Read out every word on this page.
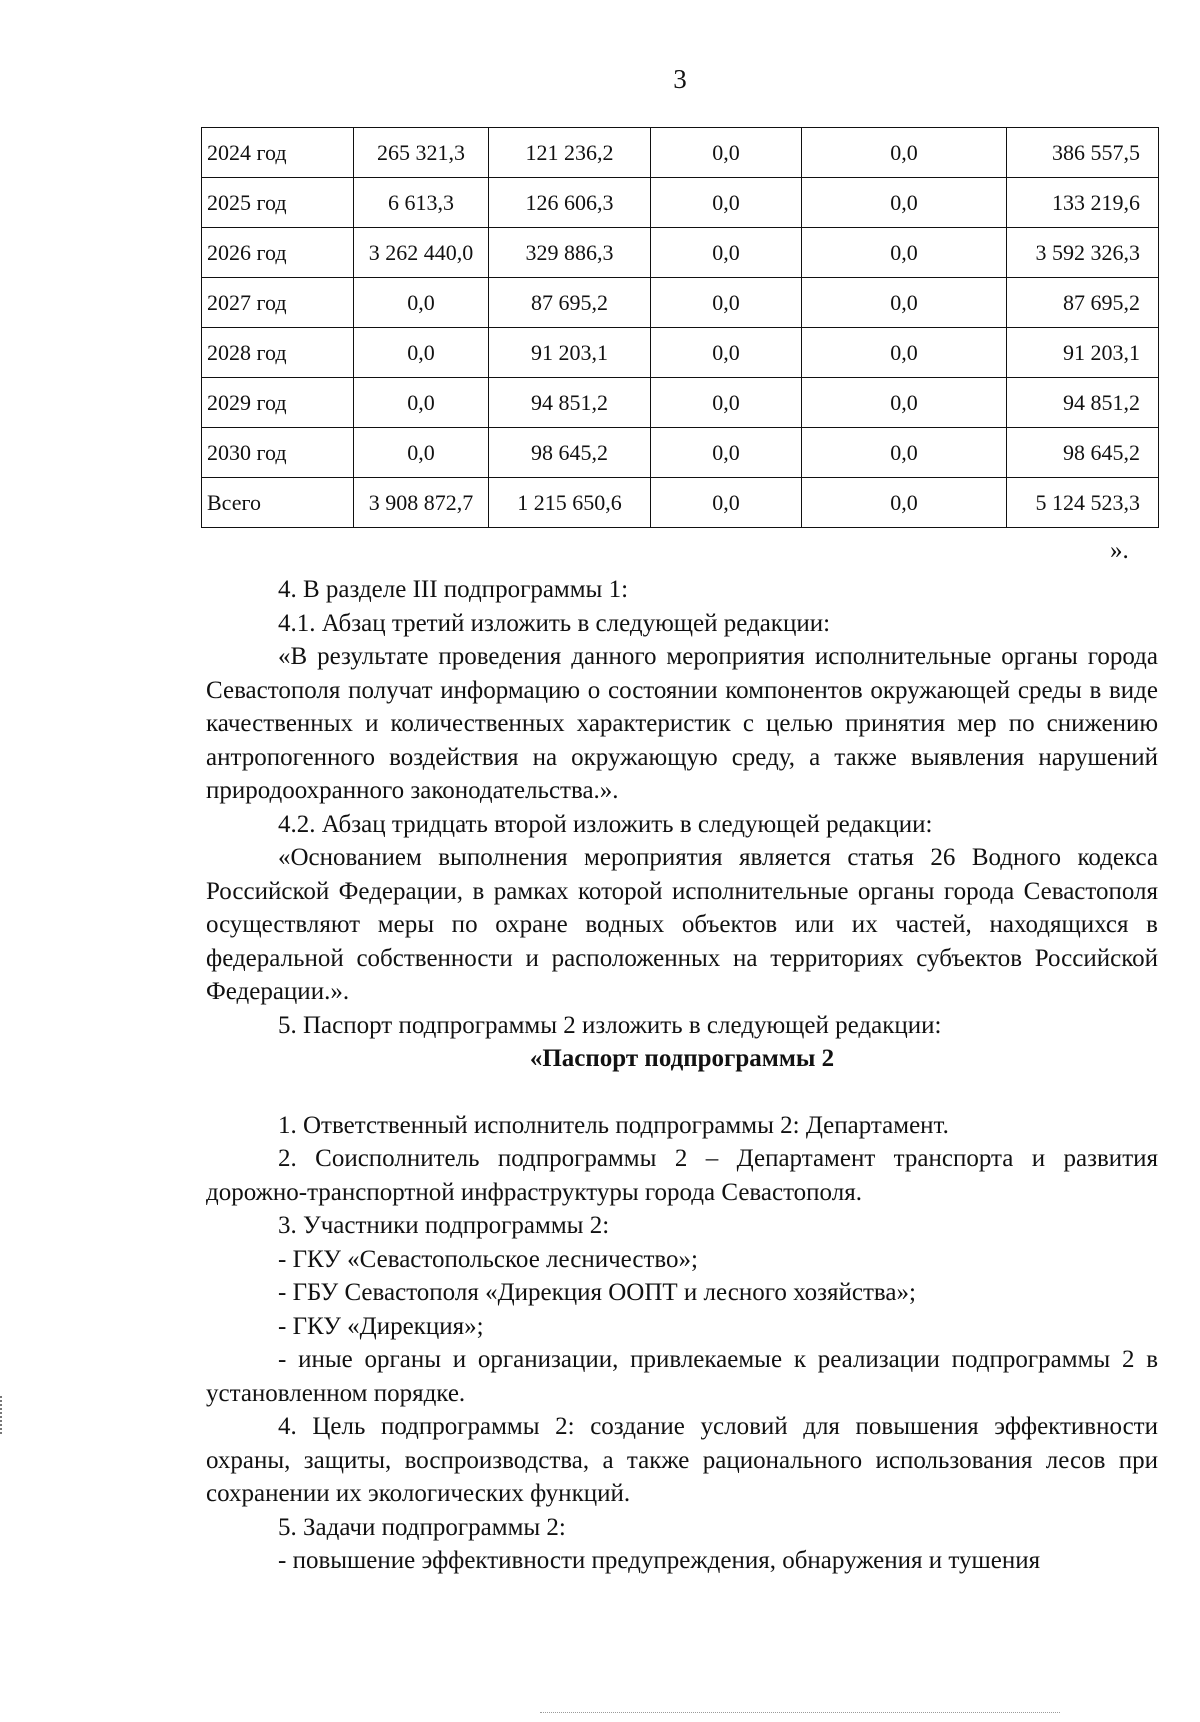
3
2024 год	265 321,3	121 236,2	0,0	0,0	386 557,5
2025 год	6 613,3	126 606,3	0,0	0,0	133 219,6
2026 год	3 262 440,0	329 886,3	0,0	0,0	3 592 326,3
2027 год	0,0	87 695,2	0,0	0,0	87 695,2
2028 год	0,0	91 203,1	0,0	0,0	91 203,1
2029 год	0,0	94 851,2	0,0	0,0	94 851,2
2030 год	0,0	98 645,2	0,0	0,0	98 645,2
Всего	3 908 872,7	1 215 650,6	0,0	0,0	5 124 523,3
».

4. В разделе III подпрограммы 1:

4.1. Абзац третий изложить в следующей редакции:

«В результате проведения данного мероприятия исполнительные органы города Севастополя получат информацию о состоянии компонентов окружающей среды в виде качественных и количественных характеристик с целью принятия мер по снижению антропогенного воздействия на окружающую среду, а также выявления нарушений природоохранного законодательства.».

4.2. Абзац тридцать второй изложить в следующей редакции:

«Основанием выполнения мероприятия является статья 26 Водного кодекса Российской Федерации, в рамках которой исполнительные органы города Севастополя осуществляют меры по охране водных объектов или их частей, находящихся в федеральной собственности и расположенных на территориях субъектов Российской Федерации.».

5. Паспорт подпрограммы 2 изложить в следующей редакции:

«Паспорт подпрограммы 2

1. Ответственный исполнитель подпрограммы 2: Департамент.

2. Соисполнитель подпрограммы 2 – Департамент транспорта и развития дорожно-транспортной инфраструктуры города Севастополя.

3. Участники подпрограммы 2:

- ГКУ «Севастопольское лесничество»;

- ГБУ Севастополя «Дирекция ООПТ и лесного хозяйства»;

- ГКУ «Дирекция»;

- иные органы и организации, привлекаемые к реализации подпрограммы 2 в установленном порядке.

4. Цель подпрограммы 2: создание условий для повышения эффективности охраны, защиты, воспроизводства, а также рационального использования лесов при сохранении их экологических функций.

5. Задачи подпрограммы 2:

- повышение эффективности предупреждения, обнаружения и тушения
